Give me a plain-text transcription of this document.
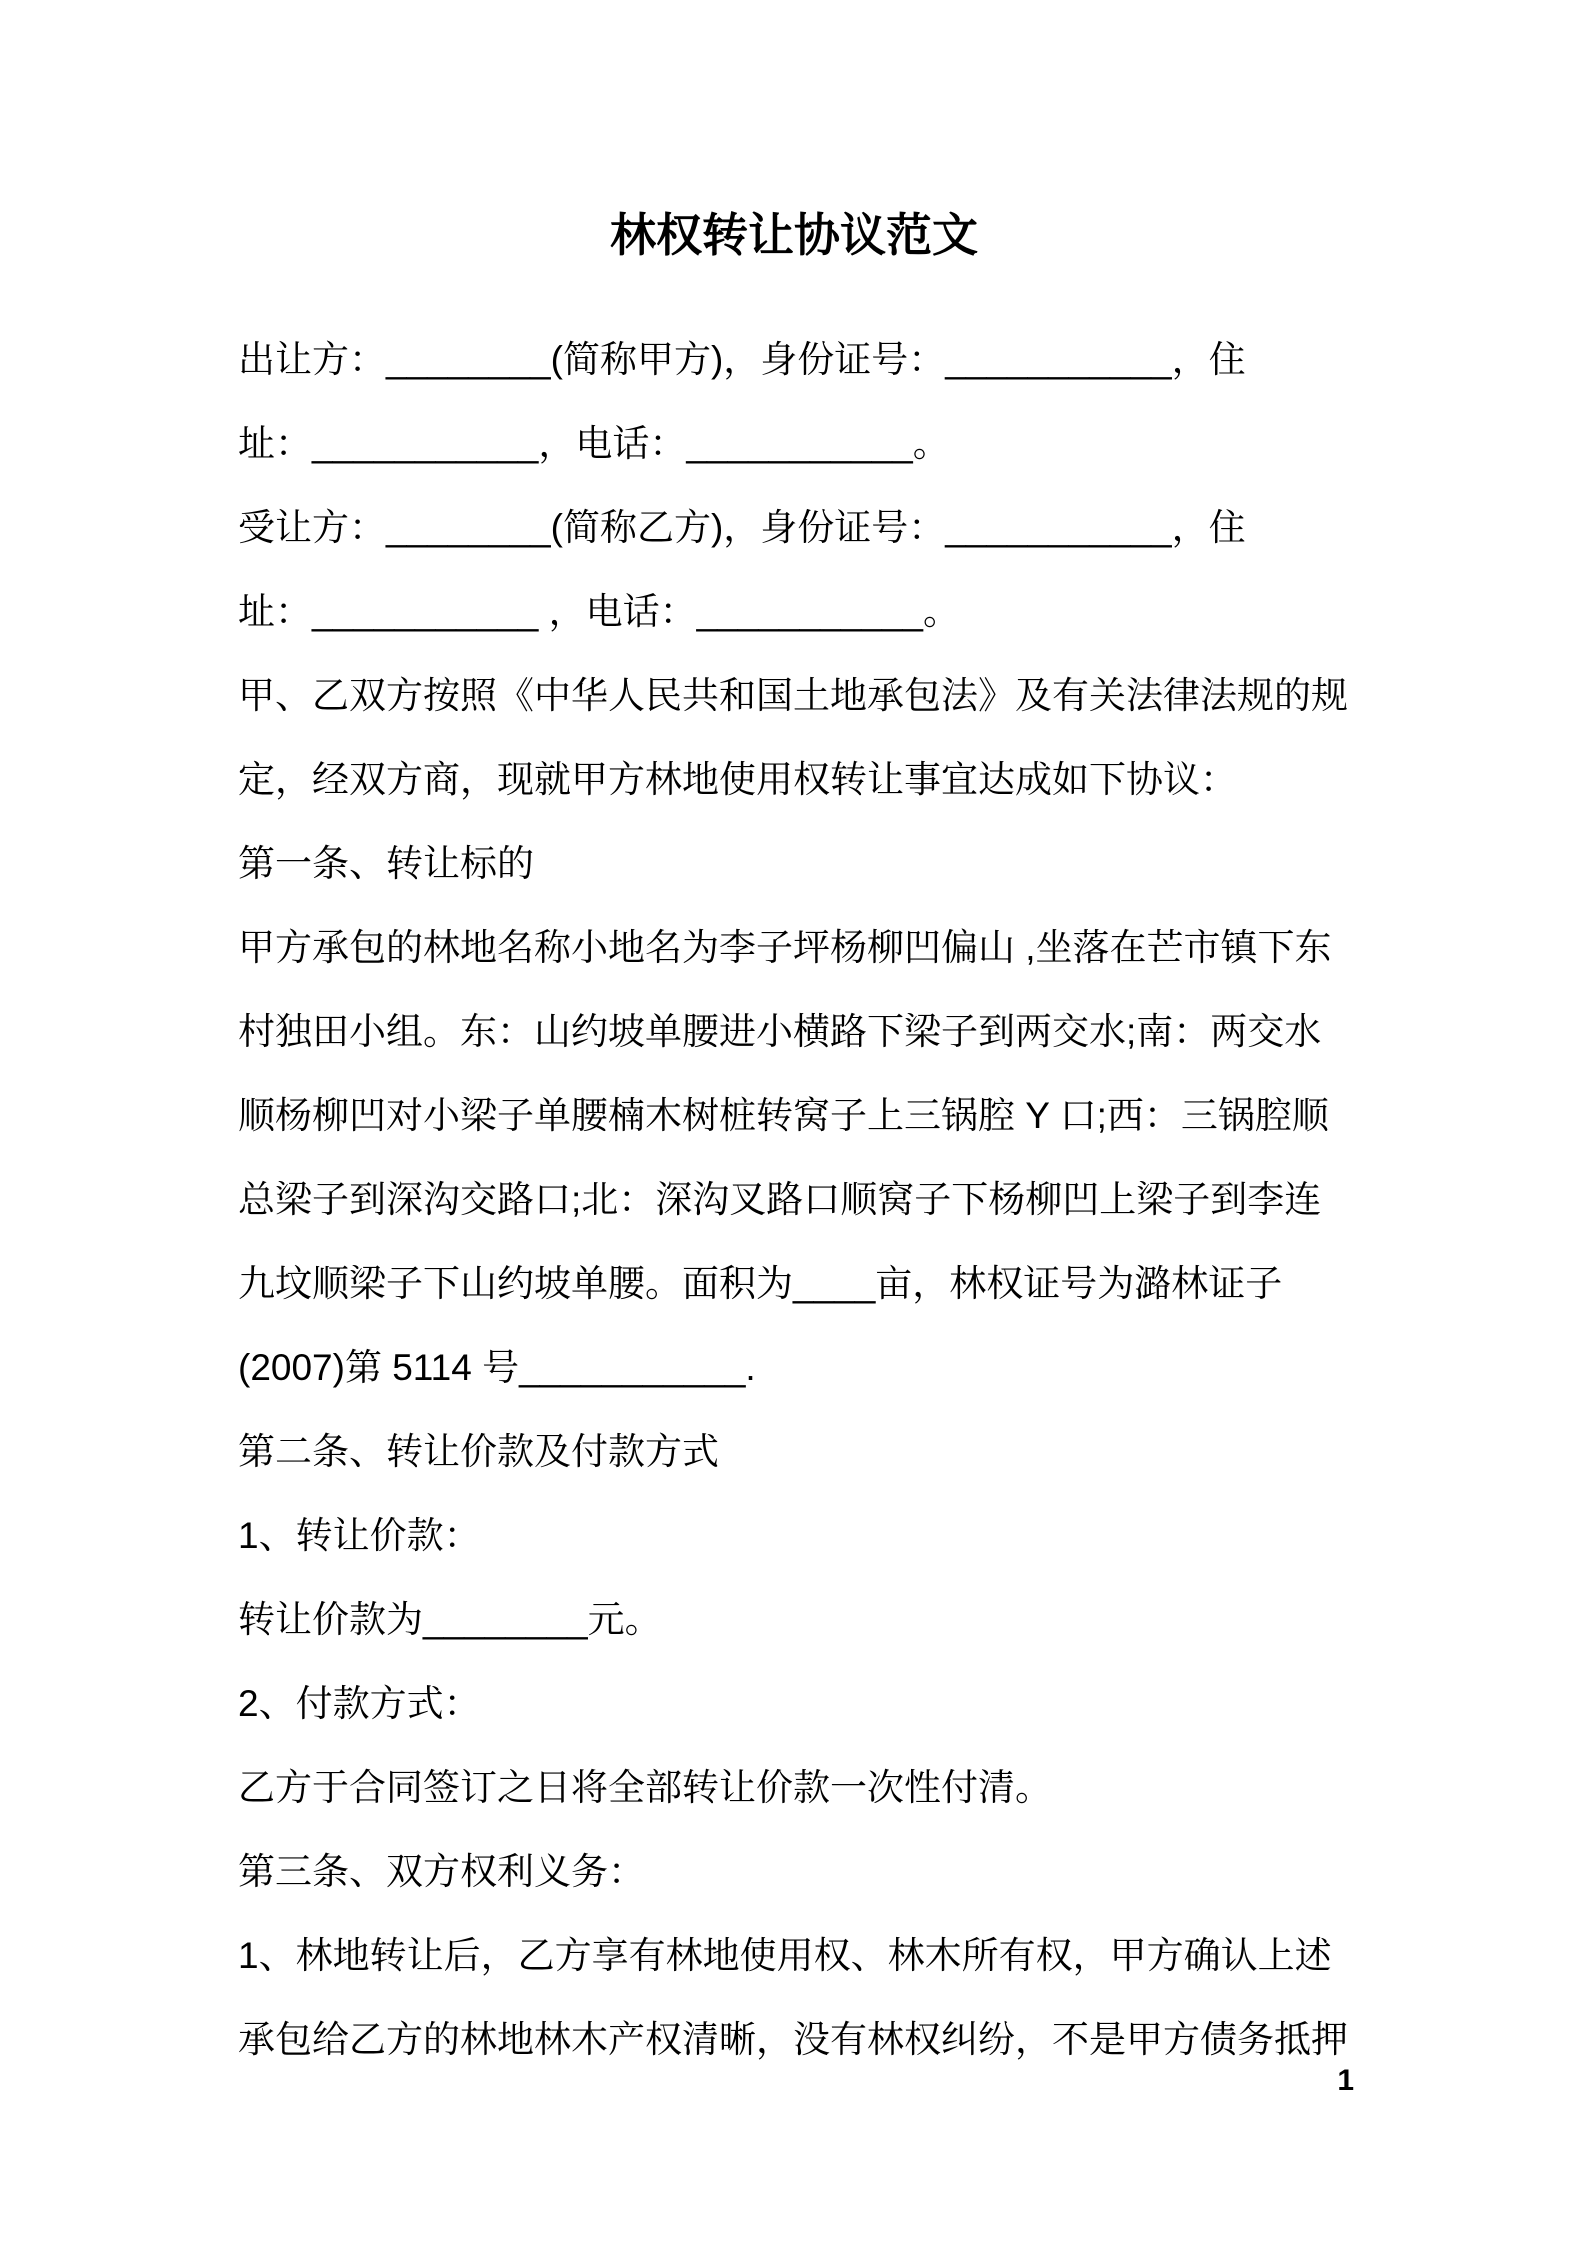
林权转让协议范文
出让方：________(简称甲方)，身份证号：___________，住
址：___________，电话：___________。
受让方：________(简称乙方)，身份证号：___________，住
址：___________ ，电话：___________。
甲、乙双方按照《中华人民共和国土地承包法》及有关法律法规的规
定，经双方商，现就甲方林地使用权转让事宜达成如下协议：
第一条、转让标的
甲方承包的林地名称小地名为李子坪杨柳凹偏山 ,坐落在芒市镇下东
村独田小组。东：山约坡单腰进小横路下梁子到两交水;南：两交水
顺杨柳凹对小梁子单腰楠木树桩转窝子上三锅腔 Y 口;西：三锅腔顺
总梁子到深沟交路口;北：深沟叉路口顺窝子下杨柳凹上梁子到李连
九坟顺梁子下山约坡单腰。面积为____亩，林权证号为潞林证子
(2007)第 5114 号___________.
第二条、转让价款及付款方式
1、转让价款：
转让价款为________元。
2、付款方式：
乙方于合同签订之日将全部转让价款一次性付清。
第三条、双方权利义务：
1、林地转让后，乙方享有林地使用权、林木所有权，甲方确认上述
承包给乙方的林地林木产权清晰，没有林权纠纷，不是甲方债务抵押
1
